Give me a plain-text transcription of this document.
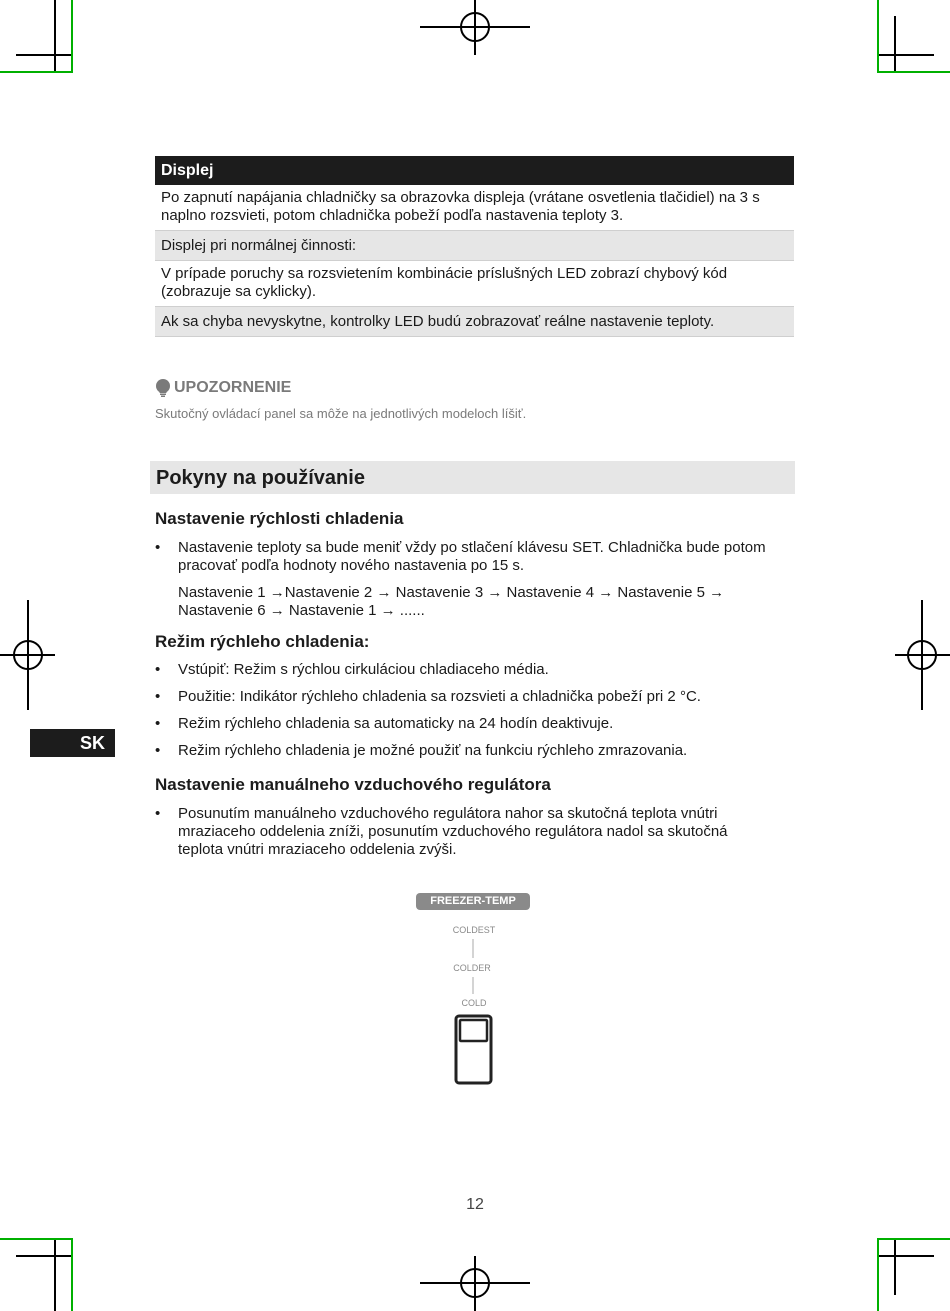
Displej
Po zapnutí napájania chladničky sa obrazovka displeja (vrátane osvetlenia tlačidiel) na 3 s naplno rozsvieti, potom chladnička pobeží podľa nastavenia teploty 3.
Displej pri normálnej činnosti:
V prípade poruchy sa rozsvietením kombinácie príslušných LED zobrazí chybový kód (zobrazuje sa cyklicky).
Ak sa chyba nevyskytne, kontrolky LED budú zobrazovať reálne nastavenie teploty.
UPOZORNENIE
Skutočný ovládací panel sa môže na jednotlivých modeloch líšiť.
Pokyny na používanie
Nastavenie rýchlosti chladenia
•	Nastavenie teploty sa bude meniť vždy po stlačení klávesu SET. Chladnička bude potom pracovať podľa hodnoty nového nastavenia po 15 s.
Nastavenie 1 →Nastavenie 2 → Nastavenie 3 → Nastavenie 4 → Nastavenie 5 → Nastavenie 6 → Nastavenie 1 → ......
Režim rýchleho chladenia:
•	Vstúpiť: Režim s rýchlou cirkuláciou chladiaceho média.
•	Použitie: Indikátor rýchleho chladenia sa rozsvieti a chladnička pobeží pri 2 °C.
•	Režim rýchleho chladenia sa automaticky na 24 hodín deaktivuje.
•	Režim rýchleho chladenia je možné použiť na funkciu rýchleho zmrazovania.
Nastavenie manuálneho vzduchového regulátora
•	Posunutím manuálneho vzduchového regulátora nahor sa skutočná teplota vnútri mraziaceho oddelenia zníži, posunutím vzduchového regulátora nadol sa skutočná teplota vnútri mraziaceho oddelenia zvýši.
SK
FREEZER-TEMP
COLDEST
COLDER
COLD
12
